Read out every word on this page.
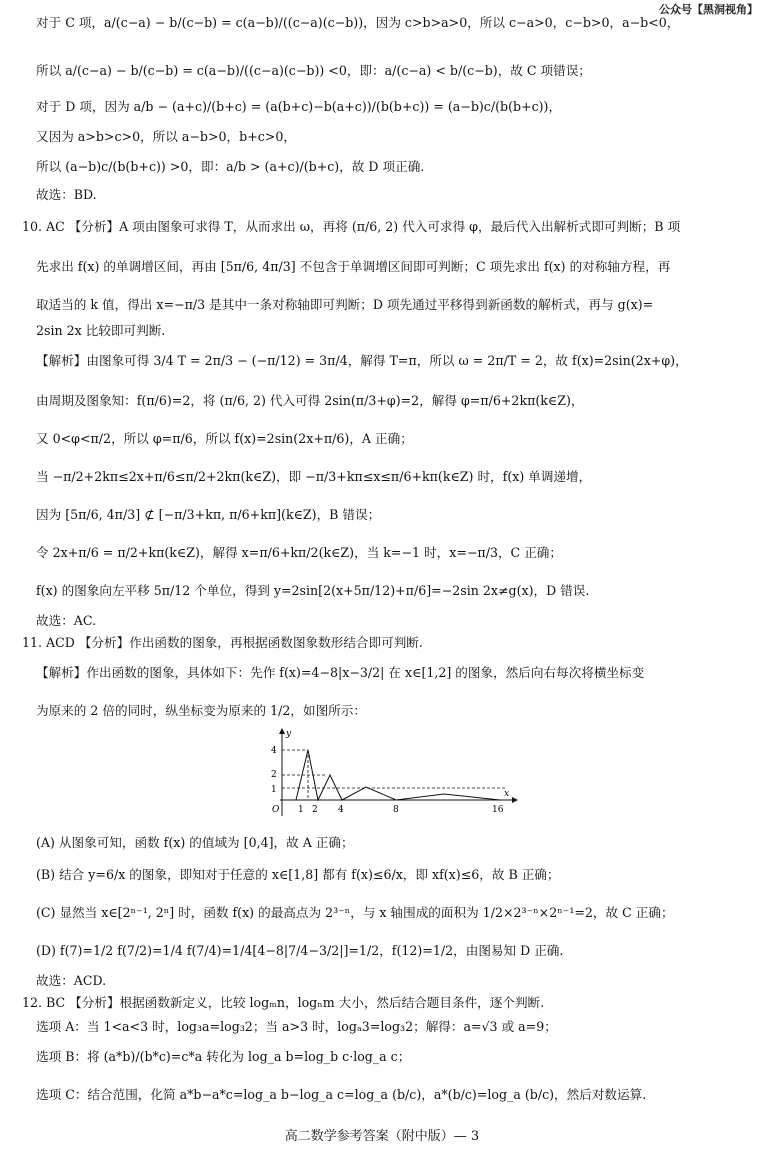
公众号【黑洞视角】
对于 C 项，a/(c−a) − b/(c−b) = c(a−b)/((c−a)(c−b))，因为 c>b>a>0，所以 c−a>0，c−b>0，a−b<0，
所以 a/(c−a) − b/(c−b) = c(a−b)/((c−a)(c−b)) <0，即：a/(c−a) < b/(c−b)，故 C 项错误；
对于 D 项，因为 a/b − (a+c)/(b+c) = (a(b+c)−b(a+c))/(b(b+c)) = (a−b)c/(b(b+c))，
又因为 a>b>c>0，所以 a−b>0，b+c>0，
所以 (a−b)c/(b(b+c)) >0，即：a/b > (a+c)/(b+c)，故 D 项正确.
故选：BD.
10. AC 【分析】A 项由图象可求得 T，从而求出 ω，再将 (π/6, 2) 代入可求得 φ，最后代入出解析式即可判断；B 项
先求出 f(x) 的单调增区间，再由 [5π/6, 4π/3] 不包含于单调增区间即可判断；C 项先求出 f(x) 的对称轴方程，再
取适当的 k 值，得出 x=−π/3 是其中一条对称轴即可判断；D 项先通过平移得到新函数的解析式，再与 g(x)=
2sin 2x 比较即可判断.
【解析】由图象可得 3/4 T = 2π/3 − (−π/12) = 3π/4，解得 T=π，所以 ω = 2π/T = 2，故 f(x)=2sin(2x+φ)，
由周期及图象知：f(π/6)=2，将 (π/6, 2) 代入可得 2sin(π/3+φ)=2，解得 φ=π/6+2kπ(k∈Z)，
又 0<φ<π/2，所以 φ=π/6，所以 f(x)=2sin(2x+π/6)，A 正确；
当 −π/2+2kπ≤2x+π/6≤π/2+2kπ(k∈Z)，即 −π/3+kπ≤x≤π/6+kπ(k∈Z) 时，f(x) 单调递增，
因为 [5π/6, 4π/3] ⊄ [−π/3+kπ, π/6+kπ](k∈Z)，B 错误；
令 2x+π/6 = π/2+kπ(k∈Z)，解得 x=π/6+kπ/2(k∈Z)，当 k=−1 时，x=−π/3，C 正确；
f(x) 的图象向左平移 5π/12 个单位，得到 y=2sin[2(x+5π/12)+π/6]=−2sin 2x≠g(x)，D 错误.
故选：AC.
11. ACD 【分析】作出函数的图象，再根据函数图象数形结合即可判断.
【解析】作出函数的图象，具体如下：先作 f(x)=4−8|x−3/2| 在 x∈[1,2] 的图象，然后向右每次将横坐标变
为原来的 2 倍的同时，纵坐标变为原来的 1/2，如图所示：
(A) 从图象可知，函数 f(x) 的值域为 [0,4]，故 A 正确；
(B) 结合 y=6/x 的图象，即知对于任意的 x∈[1,8] 都有 f(x)≤6/x，即 xf(x)≤6，故 B 正确；
(C) 显然当 x∈[2ⁿ⁻¹, 2ⁿ] 时，函数 f(x) 的最高点为 2³⁻ⁿ，与 x 轴围成的面积为 1/2×2³⁻ⁿ×2ⁿ⁻¹=2，故 C 正确；
(D) f(7)=1/2 f(7/2)=1/4 f(7/4)=1/4[4−8|7/4−3/2|]=1/2，f(12)=1/2，由图易知 D 正确.
故选：ACD.
12. BC 【分析】根据函数新定义，比较 logₘn，logₙm 大小，然后结合题目条件，逐个判断.
选项 A：当 1<a<3 时，log₃a=log₃2；当 a>3 时，logₐ3=log₃2；解得：a=√3 或 a=9；
选项 B：将 (a*b)/(b*c)=c*a 转化为 log_a b=log_b c·log_a c；
选项 C：结合范围，化简 a*b−a*c=log_a b−log_a c=log_a (b/c)，a*(b/c)=log_a (b/c)，然后对数运算.
y
x
O
4
2
1
1 2 4	8	16
高二数学参考答案（附中版）— 3
